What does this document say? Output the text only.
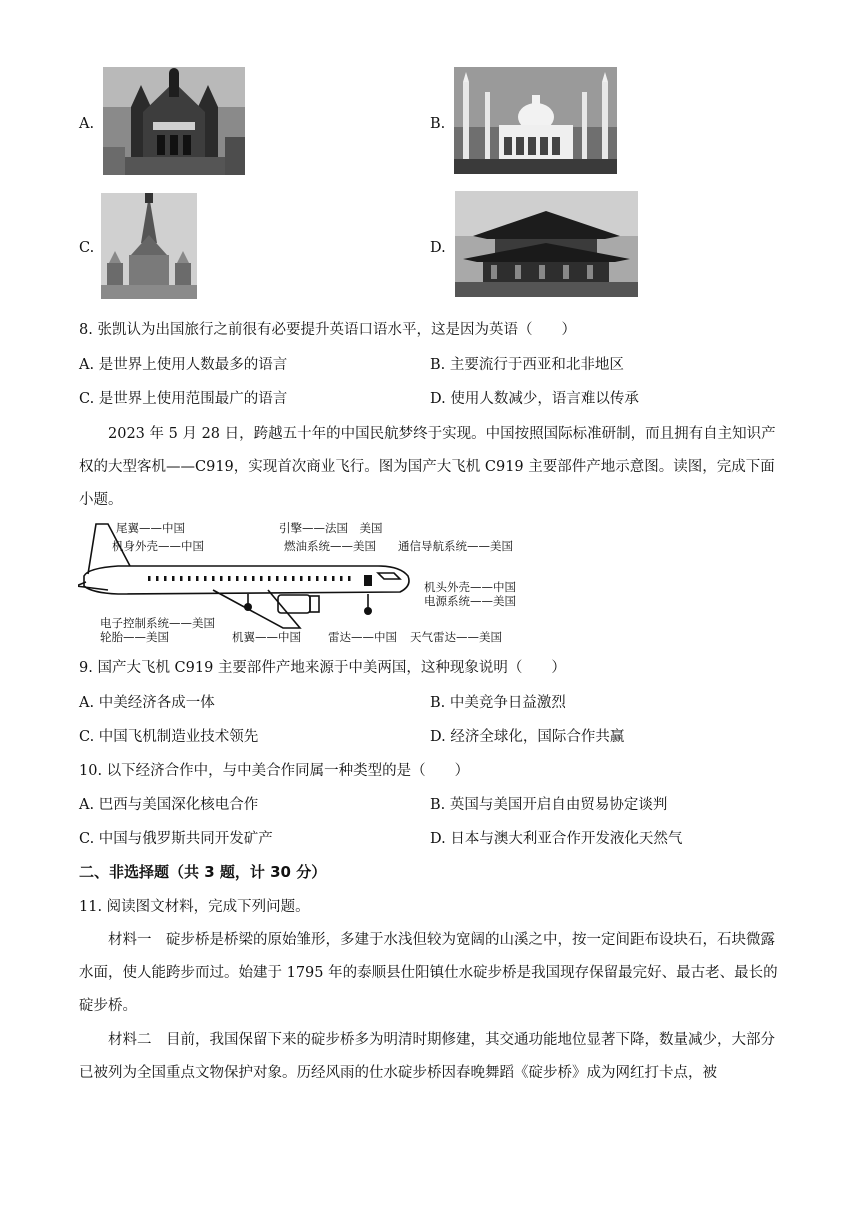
A.	B.
C.	D.
8. 张凯认为出国旅行之前很有必要提升英语口语水平，这是因为英语（　　）
A. 是世界上使用人数最多的语言	B. 主要流行于西亚和北非地区
C. 是世界上使用范围最广的语言	D. 使用人数减少，语言难以传承
2023 年 5 月 28 日，跨越五十年的中国民航梦终于实现。中国按照国际标准研制，而且拥有自主知识产权的大型客机——C919，实现首次商业飞行。图为国产大飞机 C919 主要部件产地示意图。读图，完成下面小题。
尾翼——中国
机身外壳——中国
引擎——法国　美国
燃油系统——美国 通信导航系统——美国
机头外壳——中国
电源系统——美国
电子控制系统——美国
轮胎——美国	机翼——中国 雷达——中国 天气雷达——美国
9. 国产大飞机 C919 主要部件产地来源于中美两国，这种现象说明（　　）
A. 中美经济各成一体	B. 中美竞争日益激烈
C. 中国飞机制造业技术领先	D. 经济全球化，国际合作共赢
10. 以下经济合作中，与中美合作同属一种类型的是（　　）
A. 巴西与美国深化核电合作	B. 英国与美国开启自由贸易协定谈判
C. 中国与俄罗斯共同开发矿产	D. 日本与澳大利亚合作开发液化天然气
二、非选择题（共 3 题，计 30 分）
11. 阅读图文材料，完成下列问题。
材料一　碇步桥是桥梁的原始雏形，多建于水浅但较为宽阔的山溪之中，按一定间距布设块石，石块微露水面，使人能跨步而过。始建于 1795 年的泰顺县仕阳镇仕水碇步桥是我国现存保留最完好、最古老、最长的碇步桥。
材料二　目前，我国保留下来的碇步桥多为明清时期修建，其交通功能地位显著下降，数量减少，大部分已被列为全国重点文物保护对象。历经风雨的仕水碇步桥因春晚舞蹈《碇步桥》成为网红打卡点，被
